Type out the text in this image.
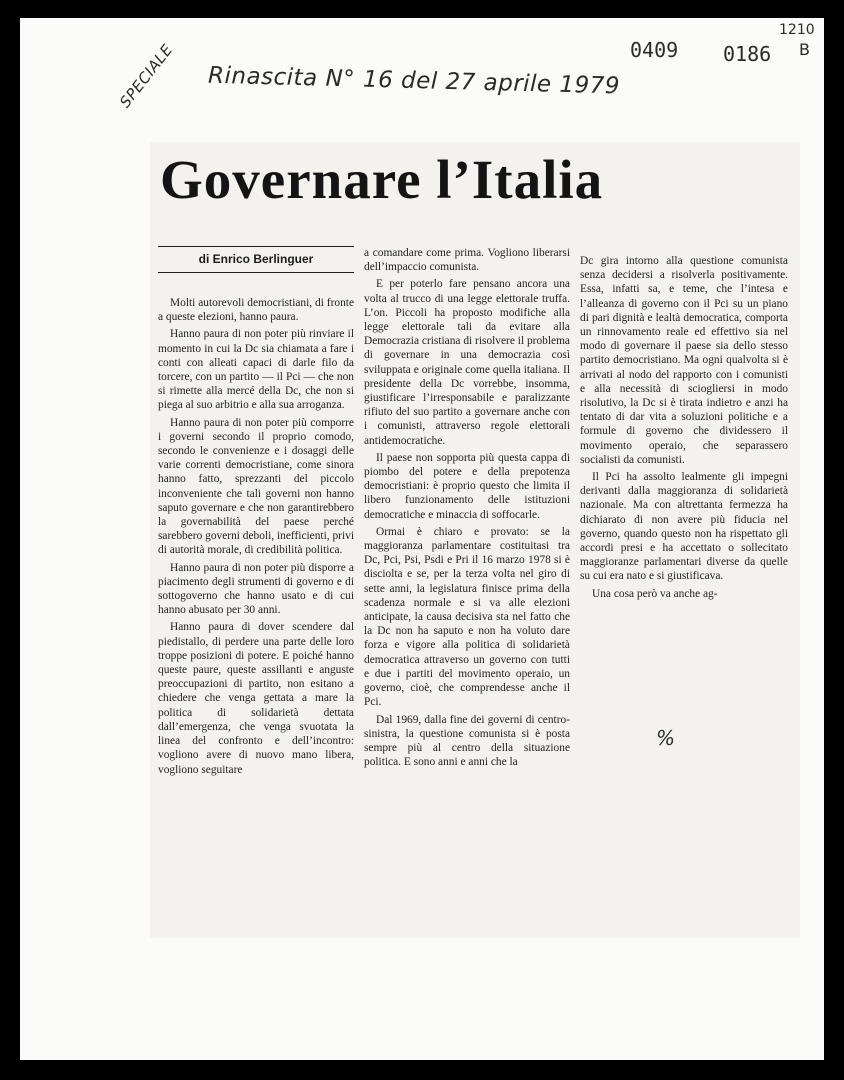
SPECIALE Rinascita N° 16 del 27 aprile 1979
0409 0186
1210
B
Governare l’Italia
di Enrico Berlinguer

Molti autorevoli democristiani, di fronte a queste elezioni, hanno paura.

Hanno paura di non poter più rinviare il momento in cui la Dc sia chiamata a fare i conti con alleati capaci di darle filo da torcere, con un partito — il Pci — che non si rimette alla mercé della Dc, che non si piega al suo arbitrio e alla sua arroganza.

Hanno paura di non poter più comporre i governi secondo il proprio comodo, secondo le convenienze e i dosaggi delle varie correnti democristiane, come sinora hanno fatto, sprezzanti del piccolo inconveniente che tali governi non hanno saputo governare e che non garantirebbero la governabilità del paese perché sarebbero governi deboli, inefficienti, privi di autorità morale, di credibilità politica.

Hanno paura di non poter più disporre a piacimento degli strumenti di governo e di sottogoverno che hanno usato e di cui hanno abusato per 30 anni.

Hanno paura di dover scendere dal piedistallo, di perdere una parte delle loro troppe posizioni di potere. E poiché hanno queste paure, queste assillanti e anguste preoccupazioni di partito, non esitano a chiedere che venga gettata a mare la politica di solidarietà dettata dall’emergenza, che venga svuotata la linea del confronto e dell’incontro: vogliono avere di nuovo mano libera, vogliono seguitare

a comandare come prima. Vogliono liberarsi dell’impaccio comunista.

E per poterlo fare pensano ancora una volta al trucco di una legge elettorale truffa. L’on. Piccoli ha proposto modifiche alla legge elettorale tali da evitare alla Democrazia cristiana di risolvere il problema di governare in una democrazia così sviluppata e originale come quella italiana. Il presidente della Dc vorrebbe, insomma, giustificare l’irresponsabile e paralizzante rifiuto del suo partito a governare anche con i comunisti, attraverso regole elettorali antidemocratiche.

Il paese non sopporta più questa cappa di piombo del potere e della prepotenza democristiani: è proprio questo che limita il libero funzionamento delle istituzioni democratiche e minaccia di soffocarle.

Ormai è chiaro e provato: se la maggioranza parlamentare costituitasi tra Dc, Pci, Psi, Psdi e Pri il 16 marzo 1978 si è disciolta e se, per la terza volta nel giro di sette anni, la legislatura finisce prima della scadenza normale e si va alle elezioni anticipate, la causa decisiva sta nel fatto che la Dc non ha saputo e non ha voluto dare forza e vigore alla politica di solidarietà democratica attraverso un governo con tutti e due i partiti del movimento operaio, un governo, cioè, che comprendesse anche il Pci.

Dal 1969, dalla fine dei governi di centro-sinistra, la questione comunista si è posta sempre più al centro della situazione politica. E sono anni e anni che la

Dc gira intorno alla questione comunista senza decidersi a risolverla positivamente. Essa, infatti sa, e teme, che l’intesa e l’alleanza di governo con il Pci su un piano di pari dignità e lealtà democratica, comporta un rinnovamento reale ed effettivo sia nel modo di governare il paese sia dello stesso partito democristiano. Ma ogni qualvolta si è arrivati al nodo del rapporto con i comunisti e alla necessità di sciogliersi in modo risolutivo, la Dc si è tirata indietro e anzi ha tentato di dar vita a soluzioni politiche e a formule di governo che dividessero il movimento operaio, che separassero socialisti da comunisti.

Il Pci ha assolto lealmente gli impegni derivanti dalla maggioranza di solidarietà nazionale. Ma con altrettanta fermezza ha dichiarato di non avere più fiducia nel governo, quando questo non ha rispettato gli accordi presi e ha accettato o sollecitato maggioranze parlamentari diverse da quelle su cui era nato e si giustificava.

Una cosa però va anche ag-

%
